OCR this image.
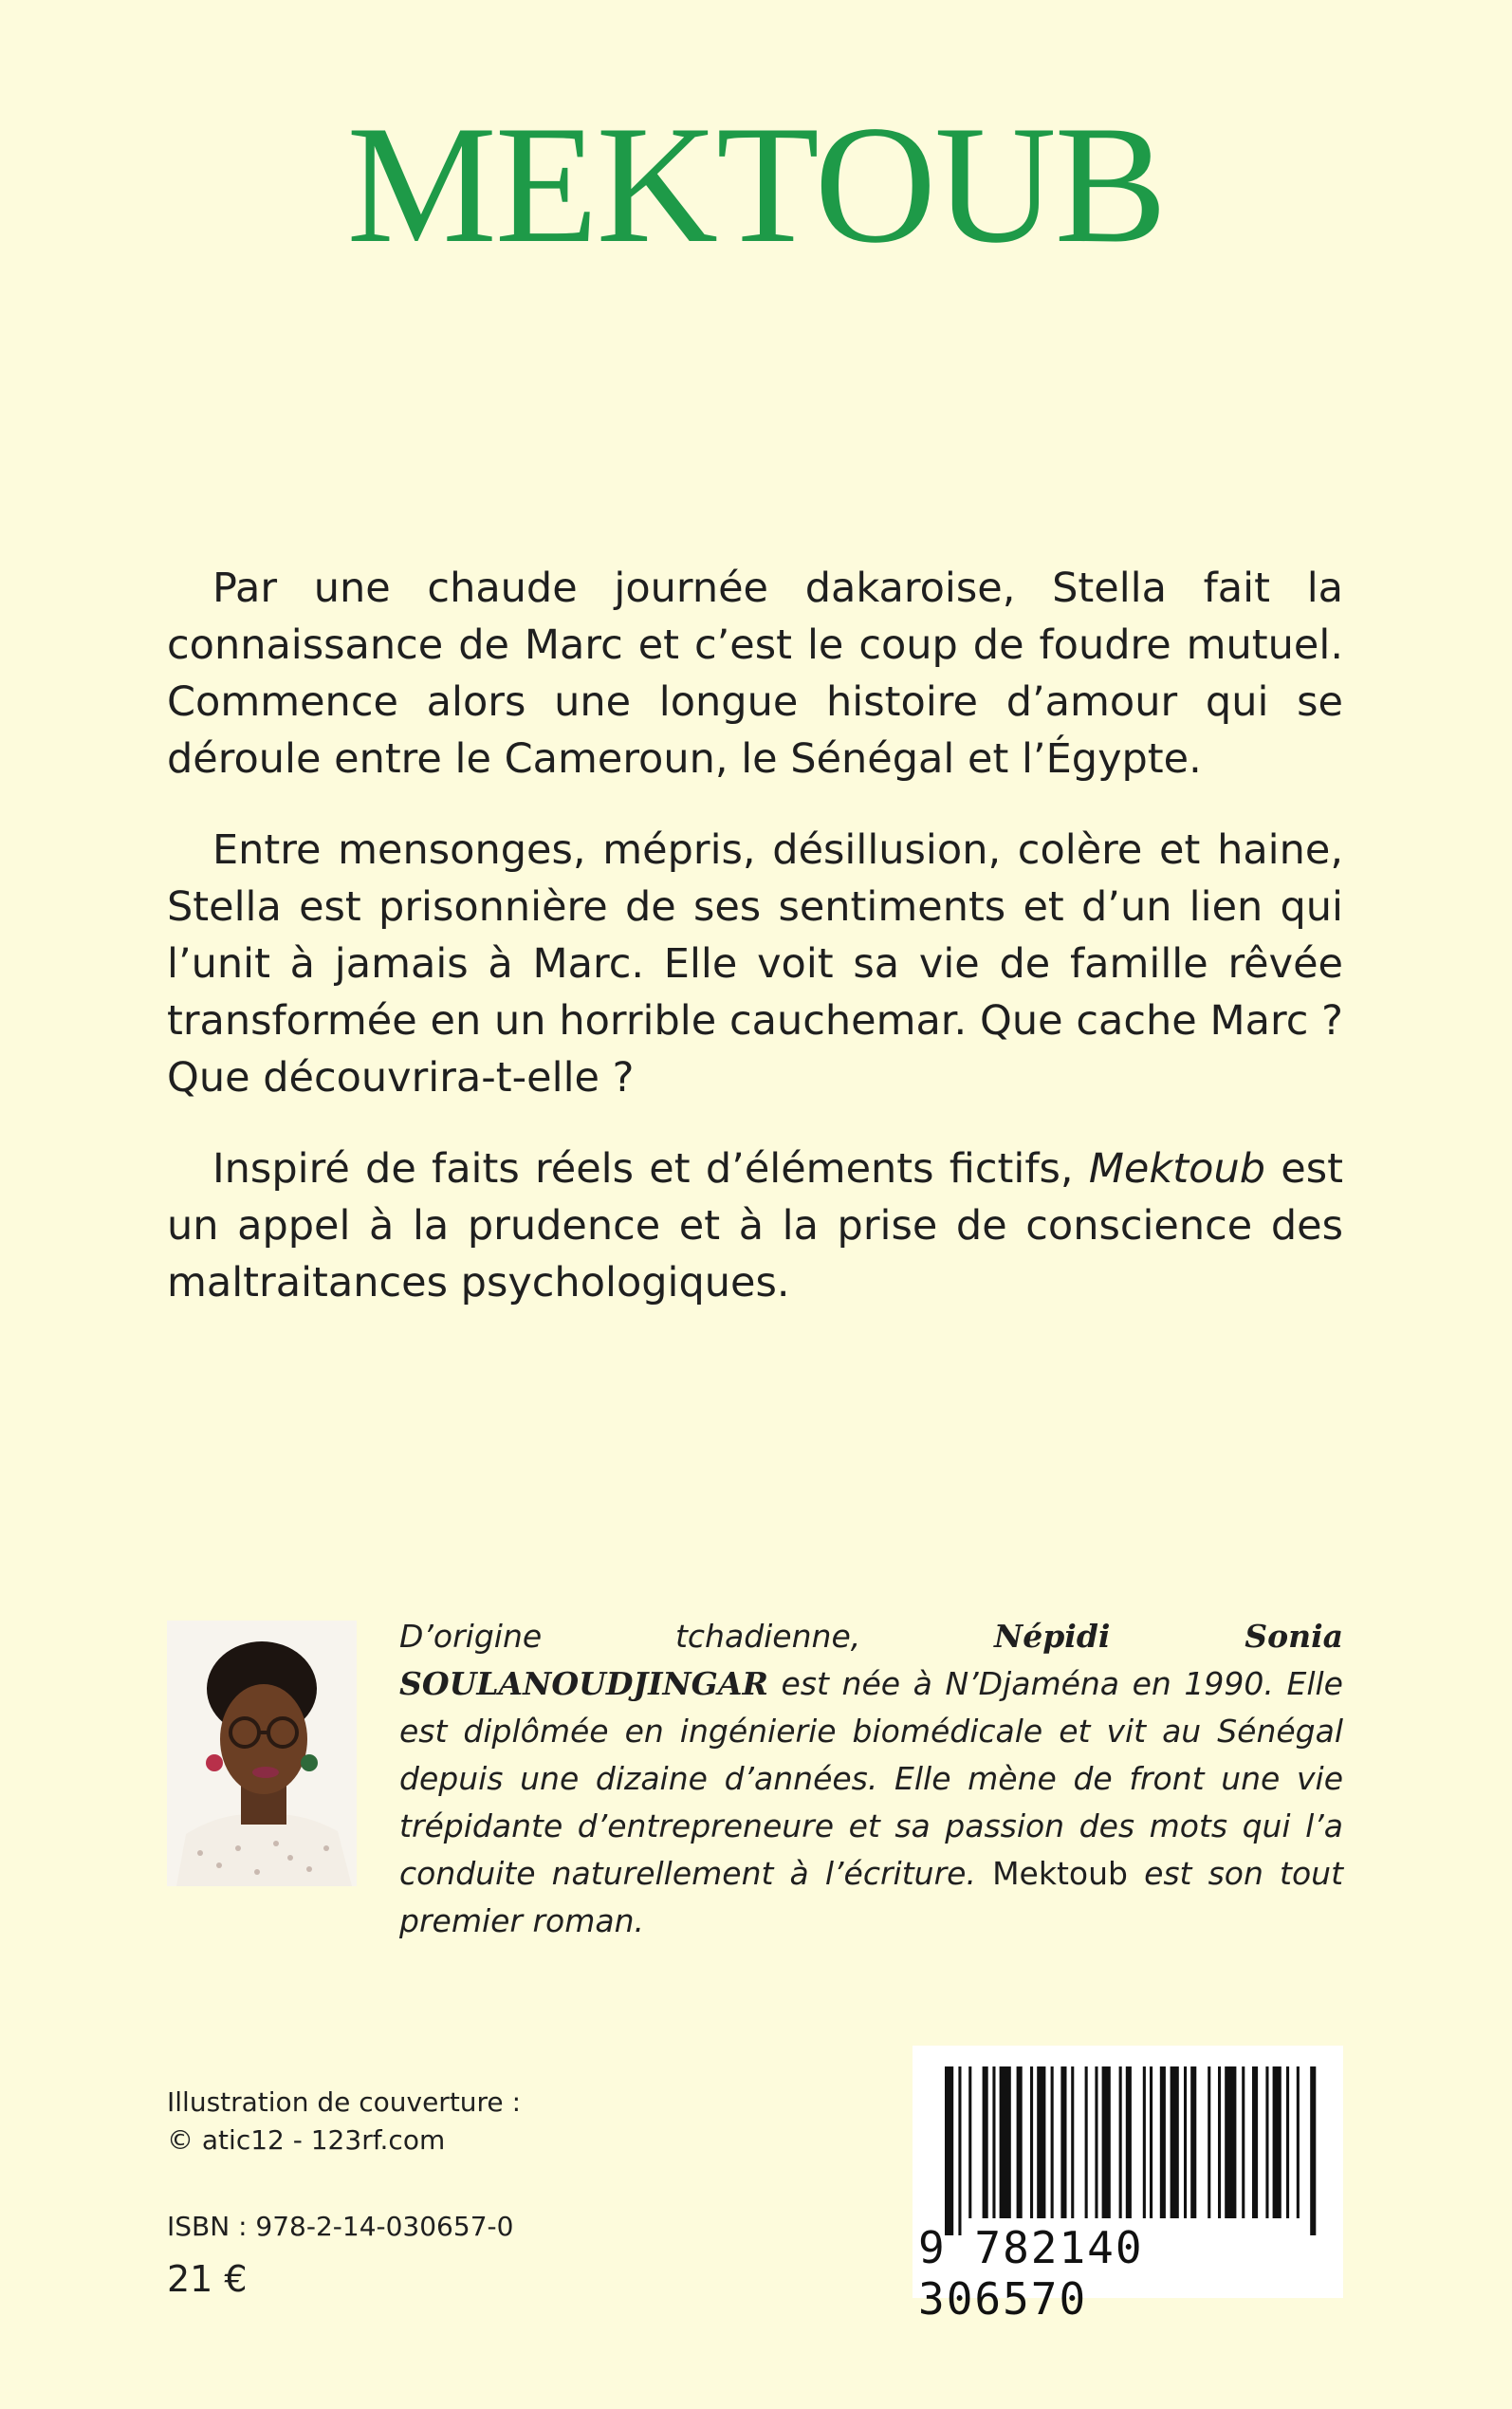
MEKTOUB

Par une chaude journée dakaroise, Stella fait la connaissance de Marc et c’est le coup de foudre mutuel. Commence alors une longue histoire d’amour qui se déroule entre le Cameroun, le Sénégal et l’Égypte.

Entre mensonges, mépris, désillusion, colère et haine, Stella est prisonnière de ses sentiments et d’un lien qui l’unit à jamais à Marc. Elle voit sa vie de famille rêvée transformée en un horrible cauchemar. Que cache Marc ? Que découvrira-t-elle ?

Inspiré de faits réels et d’éléments fictifs, Mektoub est un appel à la prudence et à la prise de conscience des maltraitances psychologiques.

D’origine tchadienne, Népidi Sonia SOULANOUDJINGAR est née à N’Djaména en 1990. Elle est diplômée en ingénierie biomédicale et vit au Sénégal depuis une dizaine d’années. Elle mène de front une vie trépidante d’entrepreneure et sa passion des mots qui l’a conduite naturellement à l’écriture. Mektoub est son tout premier roman.

Illustration de couverture :
© atic12 - 123rf.com
ISBN : 978-2-14-030657-0
21 €
9 782140 306570
